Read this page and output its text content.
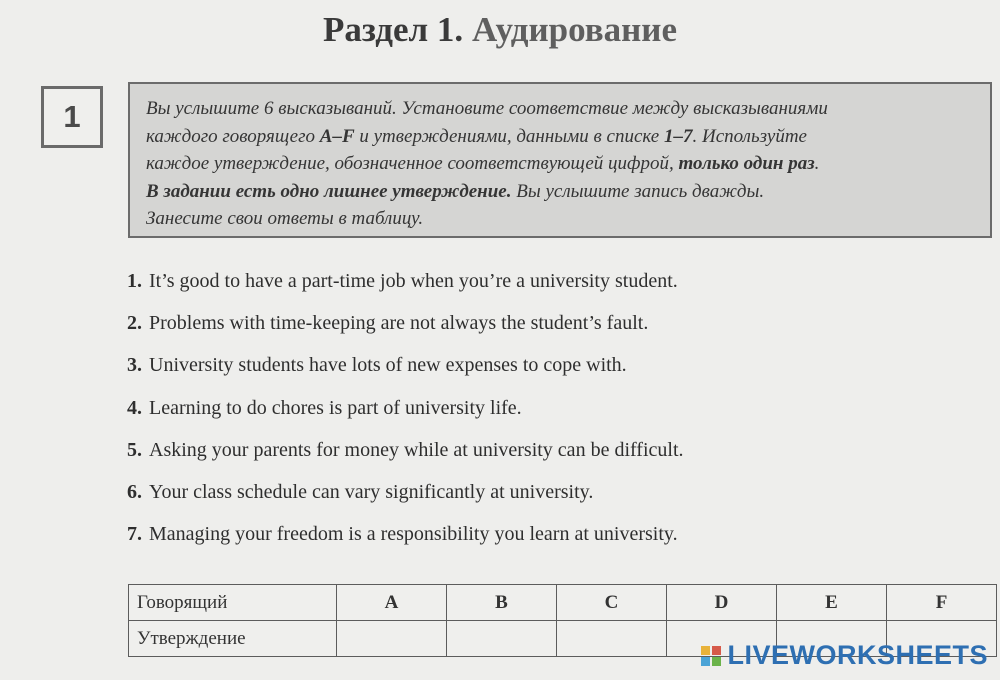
Раздел 1. Аудирование
1	Вы услышите 6 высказываний. Установите соответствие между высказываниями

каждого говорящего A–F и утверждениями, данными в списке 1–7. Используйте

каждое утверждение, обозначенное соответствующей цифрой, только один раз.

В задании есть одно лишнее утверждение. Вы услышите запись дважды.

Занесите свои ответы в таблицу.

1. It’s good to have a part-time job when you’re a university student.
2. Problems with time-keeping are not always the student’s fault.
3. University students have lots of new expenses to cope with.
4. Learning to do chores is part of university life.
5. Asking your parents for money while at university can be difficult.
6. Your class schedule can vary significantly at university.
7. Managing your freedom is a responsibility you learn at university.
Говорящий	A	B	C	D	E	F
Утверждение						
LIVEWORKSHEETS
